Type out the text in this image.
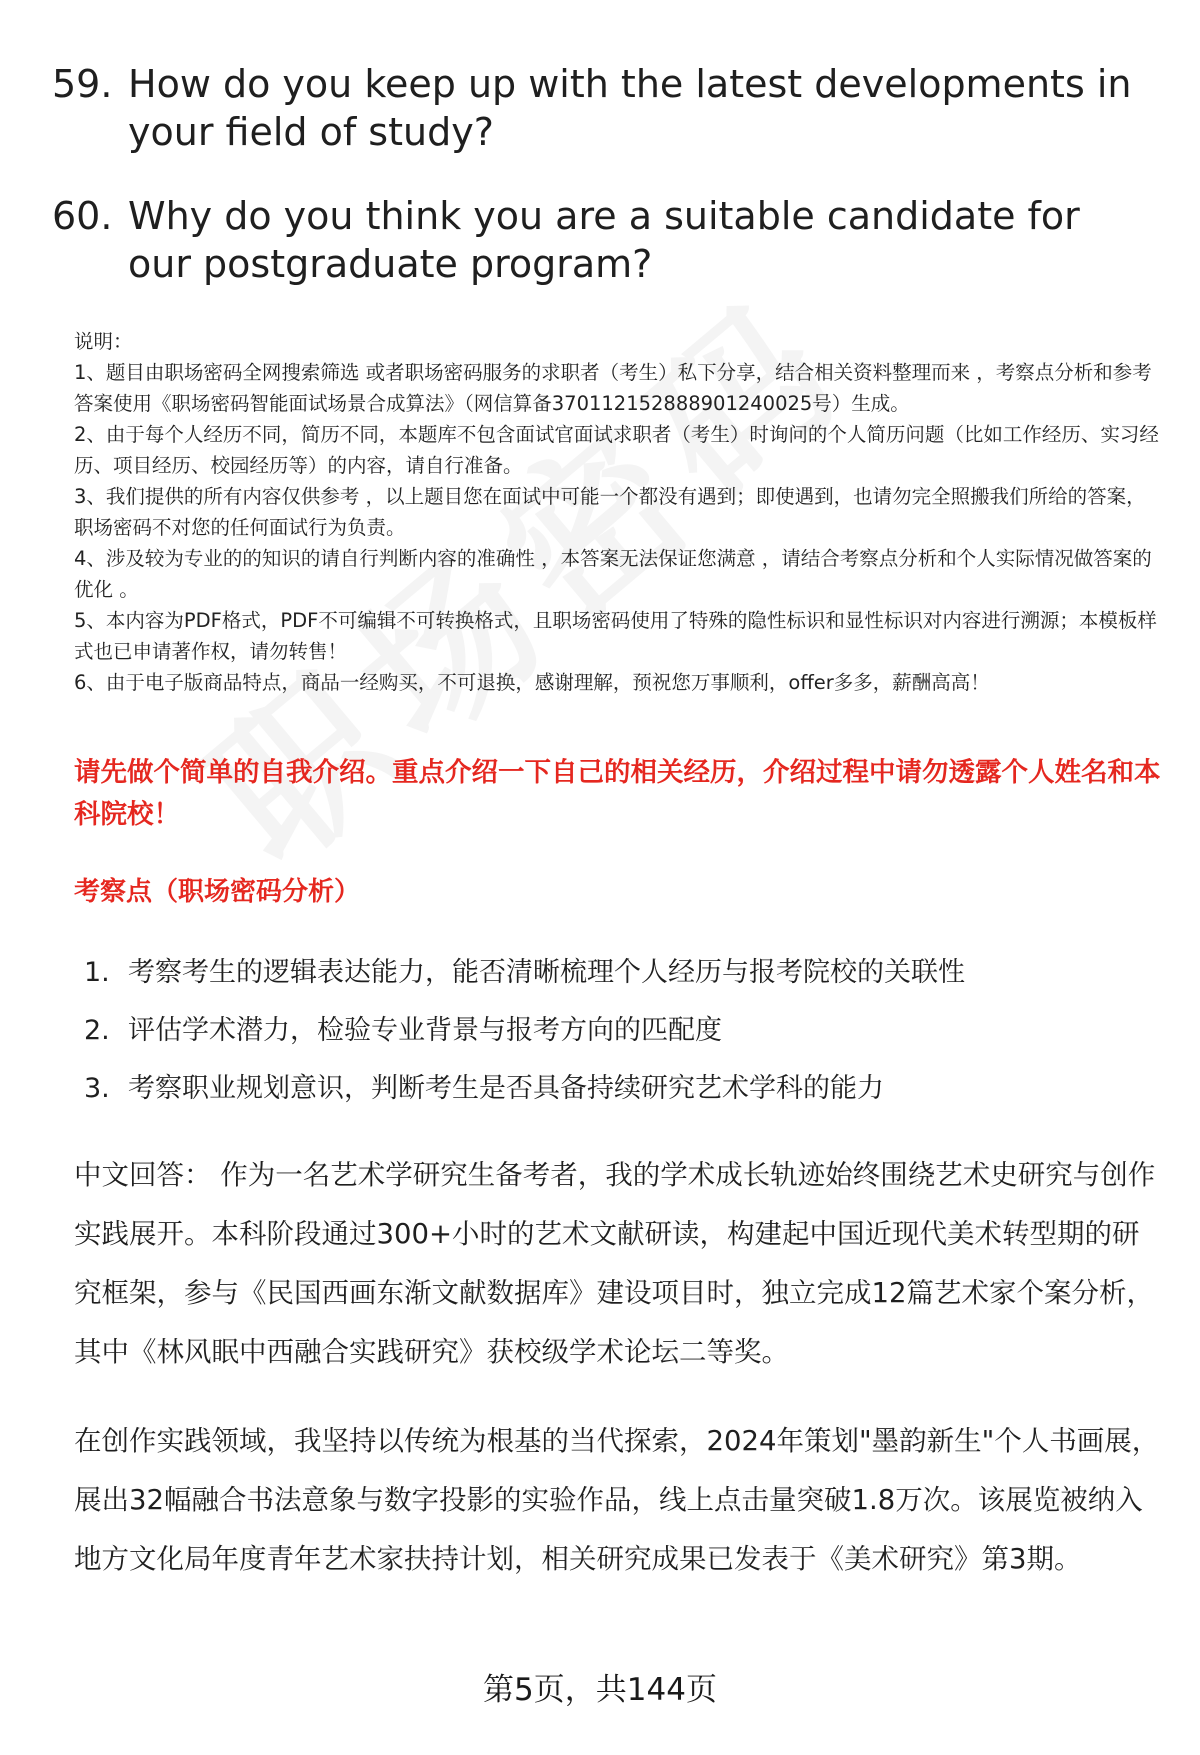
59. How do you keep up with the latest developments in your field of study?
60. Why do you think you are a suitable candidate for our postgraduate program?

说明：

1、题目由职场密码全网搜索筛选 或者职场密码服务的求职者（考生）私下分享，结合相关资料整理而来 ，考察点分析和参考答案使用《职场密码智能面试场景合成算法》（网信算备370112152888901240025号）生成。

2、由于每个人经历不同，简历不同，本题库不包含面试官面试求职者（考生）时询问的个人简历问题（比如工作经历、实习经历、项目经历、校园经历等）的内容，请自行准备。

3、我们提供的所有内容仅供参考 ，以上题目您在面试中可能一个都没有遇到；即使遇到，也请勿完全照搬我们所给的答案，职场密码不对您的任何面试行为负责。

4、涉及较为专业的的知识的请自行判断内容的准确性 ，本答案无法保证您满意 ，请结合考察点分析和个人实际情况做答案的优化 。

5、本内容为PDF格式，PDF不可编辑不可转换格式，且职场密码使用了特殊的隐性标识和显性标识对内容进行溯源；本模板样式也已申请著作权，请勿转售！

6、由于电子版商品特点，商品一经购买，不可退换，感谢理解，预祝您万事顺利，offer多多，薪酬高高！

请先做个简单的自我介绍。重点介绍一下自己的相关经历，介绍过程中请勿透露个人姓名和本科院校！
考察点（职场密码分析）
1. 考察考生的逻辑表达能力，能否清晰梳理个人经历与报考院校的关联性
2. 评估学术潜力，检验专业背景与报考方向的匹配度
3. 考察职业规划意识，判断考生是否具备持续研究艺术学科的能力

中文回答： 作为一名艺术学研究生备考者，我的学术成长轨迹始终围绕艺术史研究与创作实践展开。本科阶段通过300+小时的艺术文献研读，构建起中国近现代美术转型期的研究框架，参与《民国西画东渐文献数据库》建设项目时，独立完成12篇艺术家个案分析，其中《林风眠中西融合实践研究》获校级学术论坛二等奖。

在创作实践领域，我坚持以传统为根基的当代探索，2024年策划"墨韵新生"个人书画展，展出32幅融合书法意象与数字投影的实验作品，线上点击量突破1.8万次。该展览被纳入地方文化局年度青年艺术家扶持计划，相关研究成果已发表于《美术研究》第3期。

第5页，共144页
